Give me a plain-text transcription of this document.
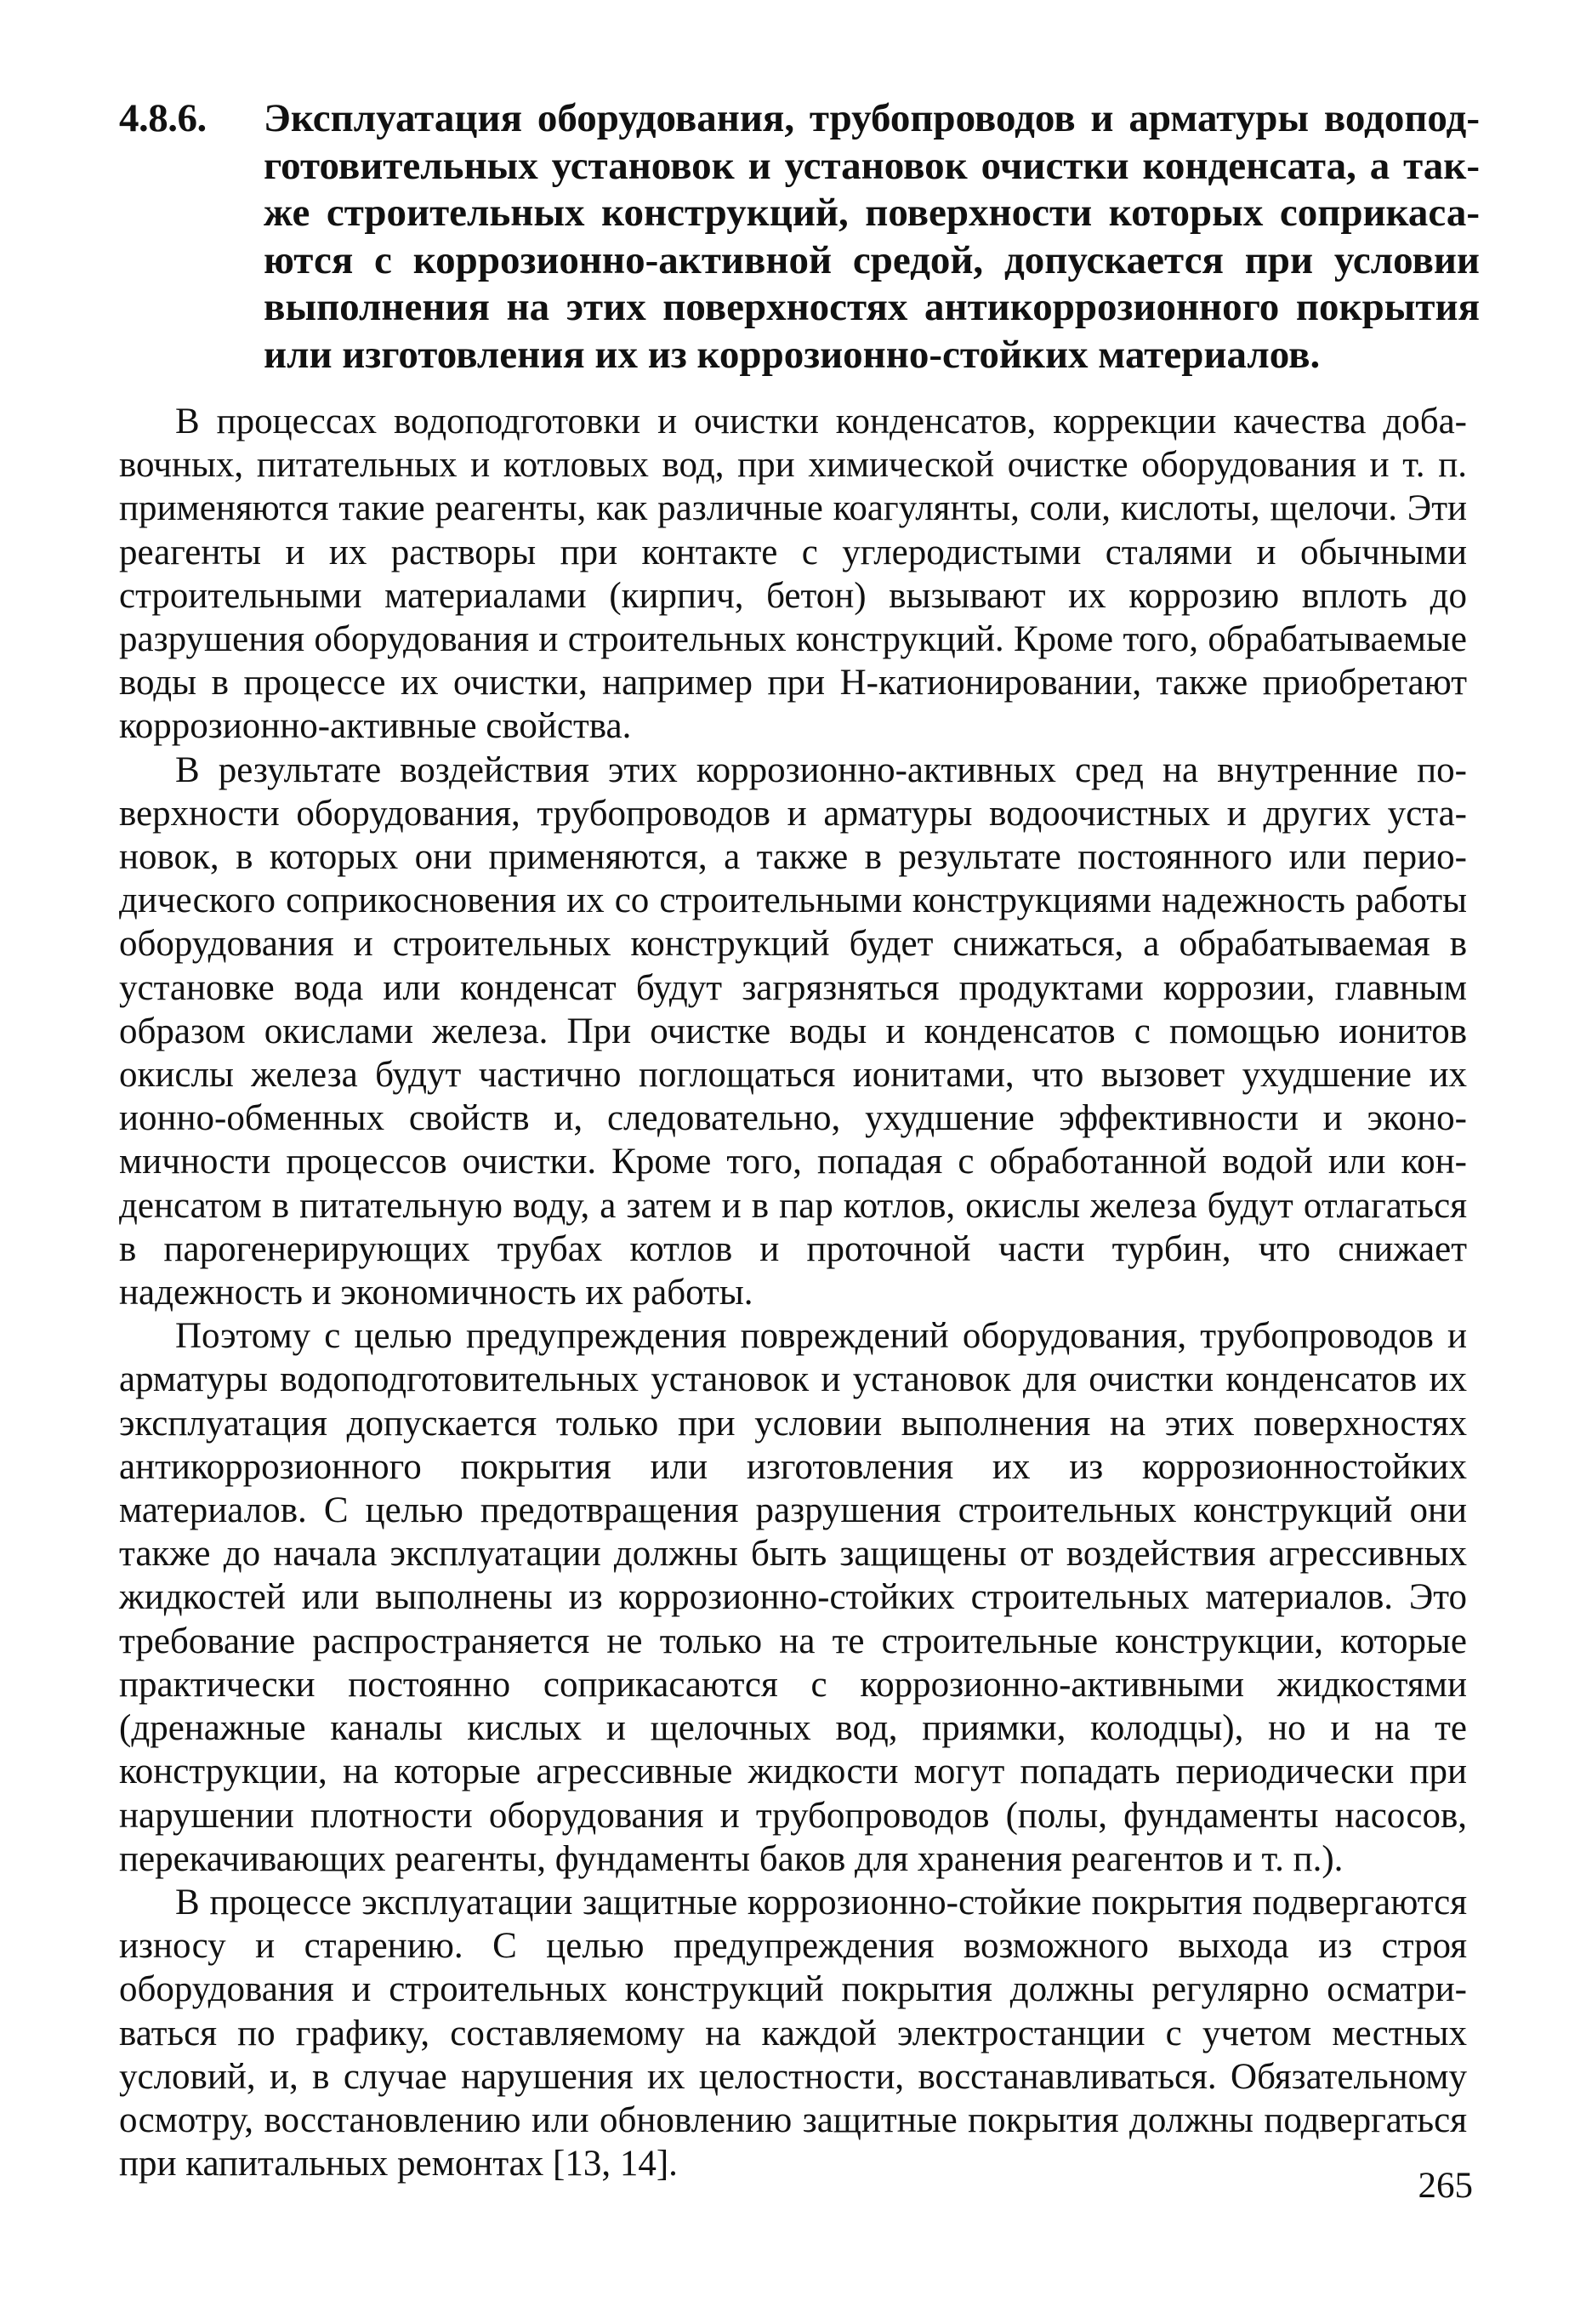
4.8.6.	Эксплуатация оборудования, трубопроводов и арматуры водоподготовительных установок и установок очистки конденсата, а также строительных конструкций, поверхности которых соприкасаются с коррозионно-активной средой, допускается при условии выполнения на этих поверхностях антикоррозионного покрытия или изготовления их из коррозионно-стойких материалов.

В процессах водоподготовки и очистки конденсатов, коррекции качества добавочных, питательных и котловых вод, при химической очистке оборудования и т. п. применяются такие реагенты, как различные коагулянты, соли, кислоты, щелочи. Эти реагенты и их растворы при контакте с углеродистыми сталями и обычными строительными материалами (кирпич, бетон) вызывают их коррозию вплоть до разрушения оборудования и строительных конструкций. Кроме того, обрабатываемые воды в процессе их очистки, например при Н-катионировании, также приобретают коррозионно-активные свойства.

В результате воздействия этих коррозионно-активных сред на внутренние поверхности оборудования, трубопроводов и арматуры водоочистных и других установок, в которых они применяются, а также в результате постоянного или периодического соприкосновения их со строительными конструкциями надежность работы оборудования и строительных конструкций будет снижаться, а обрабатываемая в установке вода или конденсат будут загрязняться продуктами коррозии, главным образом окислами железа. При очистке воды и конденсатов с помощью ионитов окислы железа будут частично поглощаться ионитами, что вызовет ухудшение их ионно-обменных свойств и, следовательно, ухудшение эффективности и экономичности процессов очистки. Кроме того, попадая с обработанной водой или конденсатом в питательную воду, а затем и в пар котлов, окислы железа будут отлагаться в парогенерирующих трубах котлов и проточной части турбин, что снижает надежность и экономичность их работы.

Поэтому с целью предупреждения повреждений оборудования, трубопроводов и арматуры водоподготовительных установок и установок для очистки конденсатов их эксплуатация допускается только при условии выполнения на этих поверхностях антикоррозионного покрытия или изготовления их из коррозионностойких материалов. С целью предотвращения разрушения строительных конструкций они также до начала эксплуатации должны быть защищены от воздействия агрессивных жидкостей или выполнены из коррозионно-стойких строительных материалов. Это требование распространяется не только на те строительные конструкции, которые практически постоянно соприкасаются с коррозионно-активными жидкостями (дренажные каналы кислых и щелочных вод, приямки, колодцы), но и на те конструкции, на которые агрессивные жидкости могут попадать периодически при нарушении плотности оборудования и трубопроводов (полы, фундаменты насосов, перекачивающих реагенты, фундаменты баков для хранения реагентов и т. п.).

В процессе эксплуатации защитные коррозионно-стойкие покрытия подвергаются износу и старению. С целью предупреждения возможного выхода из строя оборудования и строительных конструкций покрытия должны регулярно осматриваться по графику, составляемому на каждой электростанции с учетом местных условий, и, в случае нарушения их целостности, восстанавливаться. Обязательному осмотру, восстановлению или обновлению защитные покрытия должны подвергаться при капитальных ремонтах [13, 14].

265
